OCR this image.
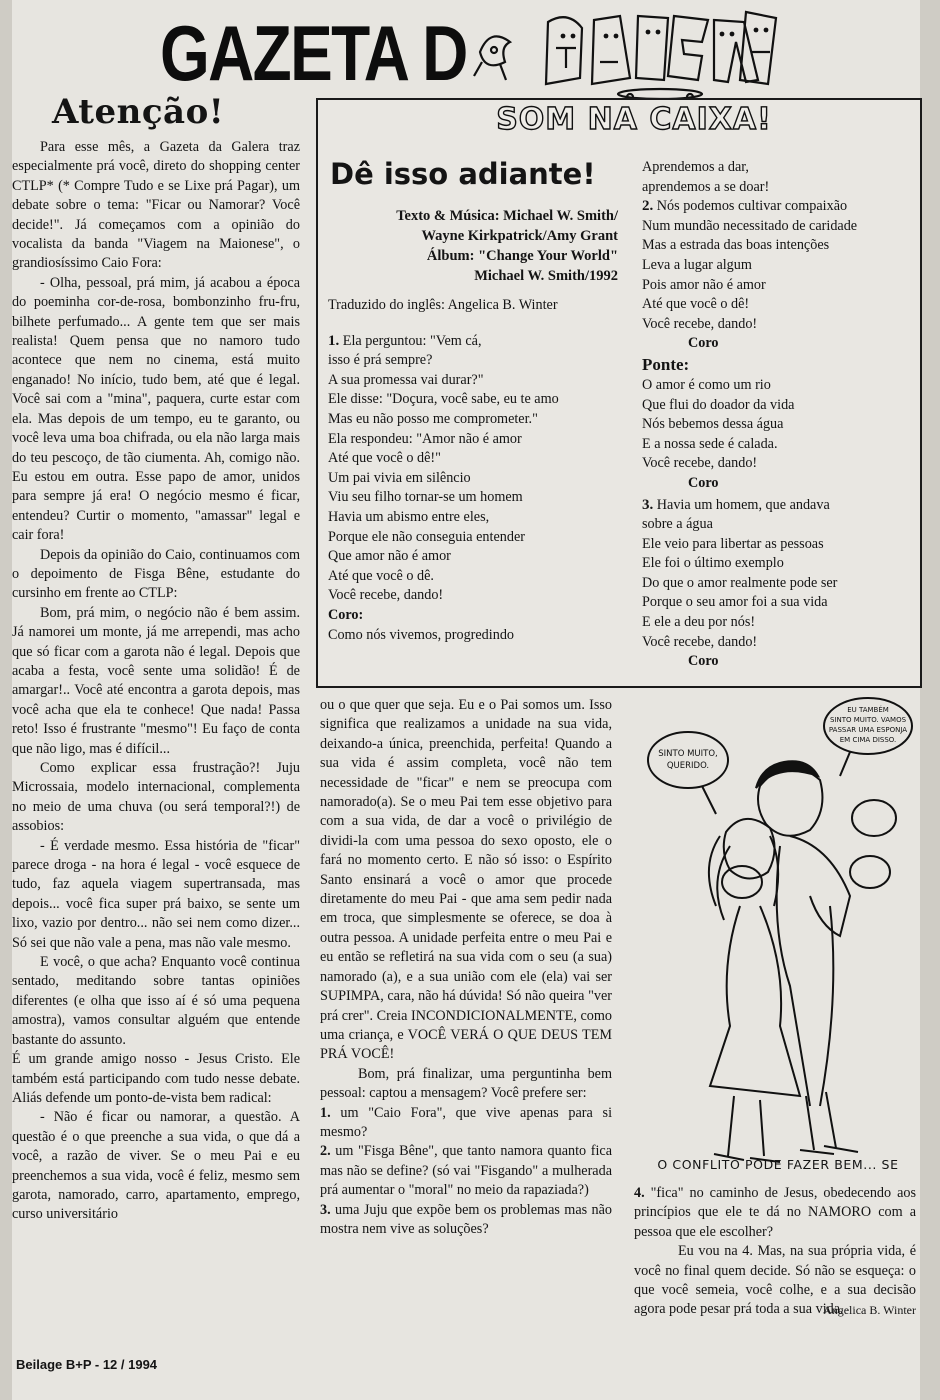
GAZETA D
Atenção!

Para esse mês, a Gazeta da Galera traz especialmente prá você, direto do shopping center CTLP* (* Compre Tudo e se Lixe prá Pagar), um debate sobre o tema: "Ficar ou Namorar? Você decide!". Já começamos com a opinião do vocalista da banda "Viagem na Maionese", o grandiosíssimo Caio Fora:

- Olha, pessoal, prá mim, já acabou a época do poeminha cor-de-rosa, bombonzinho fru-fru, bilhete perfumado... A gente tem que ser mais realista! Quem pensa que no namoro tudo acontece que nem no cinema, está muito enganado! No início, tudo bem, até que é legal. Você sai com a "mina", paquera, curte estar com ela. Mas depois de um tempo, eu te garanto, ou você leva uma boa chifrada, ou ela não larga mais do teu pescoço, de tão ciumenta. Ah, comigo não. Eu estou em outra. Esse papo de amor, unidos para sempre já era! O negócio mesmo é ficar, entendeu? Curtir o momento, "amassar" legal e cair fora!

Depois da opinião do Caio, continuamos com o depoimento de Fisga Bêne, estudante do cursinho em frente ao CTLP:

Bom, prá mim, o negócio não é bem assim. Já namorei um monte, já me arrependi, mas acho que só ficar com a garota não é legal. Depois que acaba a festa, você sente uma solidão! É de amargar!.. Você até encontra a garota depois, mas você acha que ela te conhece! Que nada! Passa reto! Isso é frustrante "mesmo"! Eu faço de conta que não ligo, mas é difícil...

Como explicar essa frustração?! Juju Microssaia, modelo internacional, complementa no meio de uma chuva (ou será temporal?!) de assobios:

- É verdade mesmo. Essa história de "ficar" parece droga - na hora é legal - você esquece de tudo, faz aquela viagem supertransada, mas depois... você fica super prá baixo, se sente um lixo, vazio por dentro... não sei nem como dizer... Só sei que não vale a pena, mas não vale mesmo.

E você, o que acha? Enquanto você continua sentado, meditando sobre tantas opiniões diferentes (e olha que isso aí é só uma pequena amostra), vamos consultar alguém que entende bastante do assunto.

É um grande amigo nosso - Jesus Cristo. Ele também está participando com tudo nesse debate. Aliás defende um ponto-de-vista bem radical:

- Não é ficar ou namorar, a questão. A questão é o que preenche a sua vida, o que dá a você, a razão de viver. Se o meu Pai e eu preenchemos a sua vida, você é feliz, mesmo sem garota, namorado, carro, apartamento, emprego, curso universitário

SOM NA CAIXA!
Dê isso adiante!
Texto & Música: Michael W. Smith/
Wayne Kirkpatrick/Amy Grant
Álbum: "Change Your World"
Michael W. Smith/1992
Traduzido do inglês: Angelica B. Winter
1. Ela perguntou: "Vem cá,
isso é prá sempre?
A sua promessa vai durar?"
Ele disse: "Doçura, você sabe, eu te amo
Mas eu não posso me comprometer."
Ela respondeu: "Amor não é amor
Até que você o dê!"
Um pai vivia em silêncio
Viu seu filho tornar-se um homem
Havia um abismo entre eles,
Porque ele não conseguia entender
Que amor não é amor
Até que você o dê.
Você recebe, dando!
Coro:
Como nós vivemos, progredindo
Aprendemos a dar,
aprendemos a se doar!
2. Nós podemos cultivar compaixão
Num mundão necessitado de caridade
Mas a estrada das boas intenções
Leva a lugar algum
Pois amor não é amor
Até que você o dê!
Você recebe, dando!
Coro
Ponte:
O amor é como um rio
Que flui do doador da vida
Nós bebemos dessa água
E a nossa sede é calada.
Você recebe, dando!
Coro
3. Havia um homem, que andava
sobre a água
Ele veio para libertar as pessoas
Ele foi o último exemplo
Do que o amor realmente pode ser
Porque o seu amor foi a sua vida
E ele a deu por nós!
Você recebe, dando!
Coro

ou o que quer que seja. Eu e o Pai somos um. Isso significa que realizamos a unidade na sua vida, deixando-a única, preenchida, perfeita! Quando a sua vida é assim completa, você não tem necessidade de "ficar" e nem se preocupa com namorado(a). Se o meu Pai tem esse objetivo para com a sua vida, de dar a você o privilégio de dividi-la com uma pessoa do sexo oposto, ele o fará no momento certo. E não só isso: o Espírito Santo ensinará a você o amor que procede diretamente do meu Pai - que ama sem pedir nada em troca, que simplesmente se oferece, se doa à outra pessoa. A unidade perfeita entre o meu Pai e eu então se refletirá na sua vida com o seu (a sua) namorado (a), e a sua união com ele (ela) vai ser SUPIMPA, cara, não há dúvida! Só não queira "ver prá crer". Creia INCONDICIONALMENTE, como uma criança, e VOCÊ VERÁ O QUE DEUS TEM PRÁ VOCÊ!

Bom, prá finalizar, uma perguntinha bem pessoal: captou a mensagem? Você prefere ser:

1. um "Caio Fora", que vive apenas para si mesmo?

2. um "Fisga Bêne", que tanto namora quanto fica mas não se define? (só vai "Fisgando" a mulherada prá aumentar o "moral" no meio da rapaziada?)

3. uma Juju que expõe bem os problemas mas não mostra nem vive as soluções?

SINTO MUITO,
QUERIDO.
EU TAMBÉM
SINTO MUITO. VAMOS
PASSAR UMA ESPONJA
EM CIMA DISSO.
O CONFLITO PODE FAZER BEM... SE

4. "fica" no caminho de Jesus, obedecendo aos princípios que ele te dá no NAMORO com a pessoa que ele escolher?

Eu vou na 4. Mas, na sua própria vida, é você no final quem decide. Só não se esqueça: o que você semeia, você colhe, e a sua decisão agora pode pesar prá toda a sua vida.

Angelica B. Winter
Beilage B+P - 12 / 1994
